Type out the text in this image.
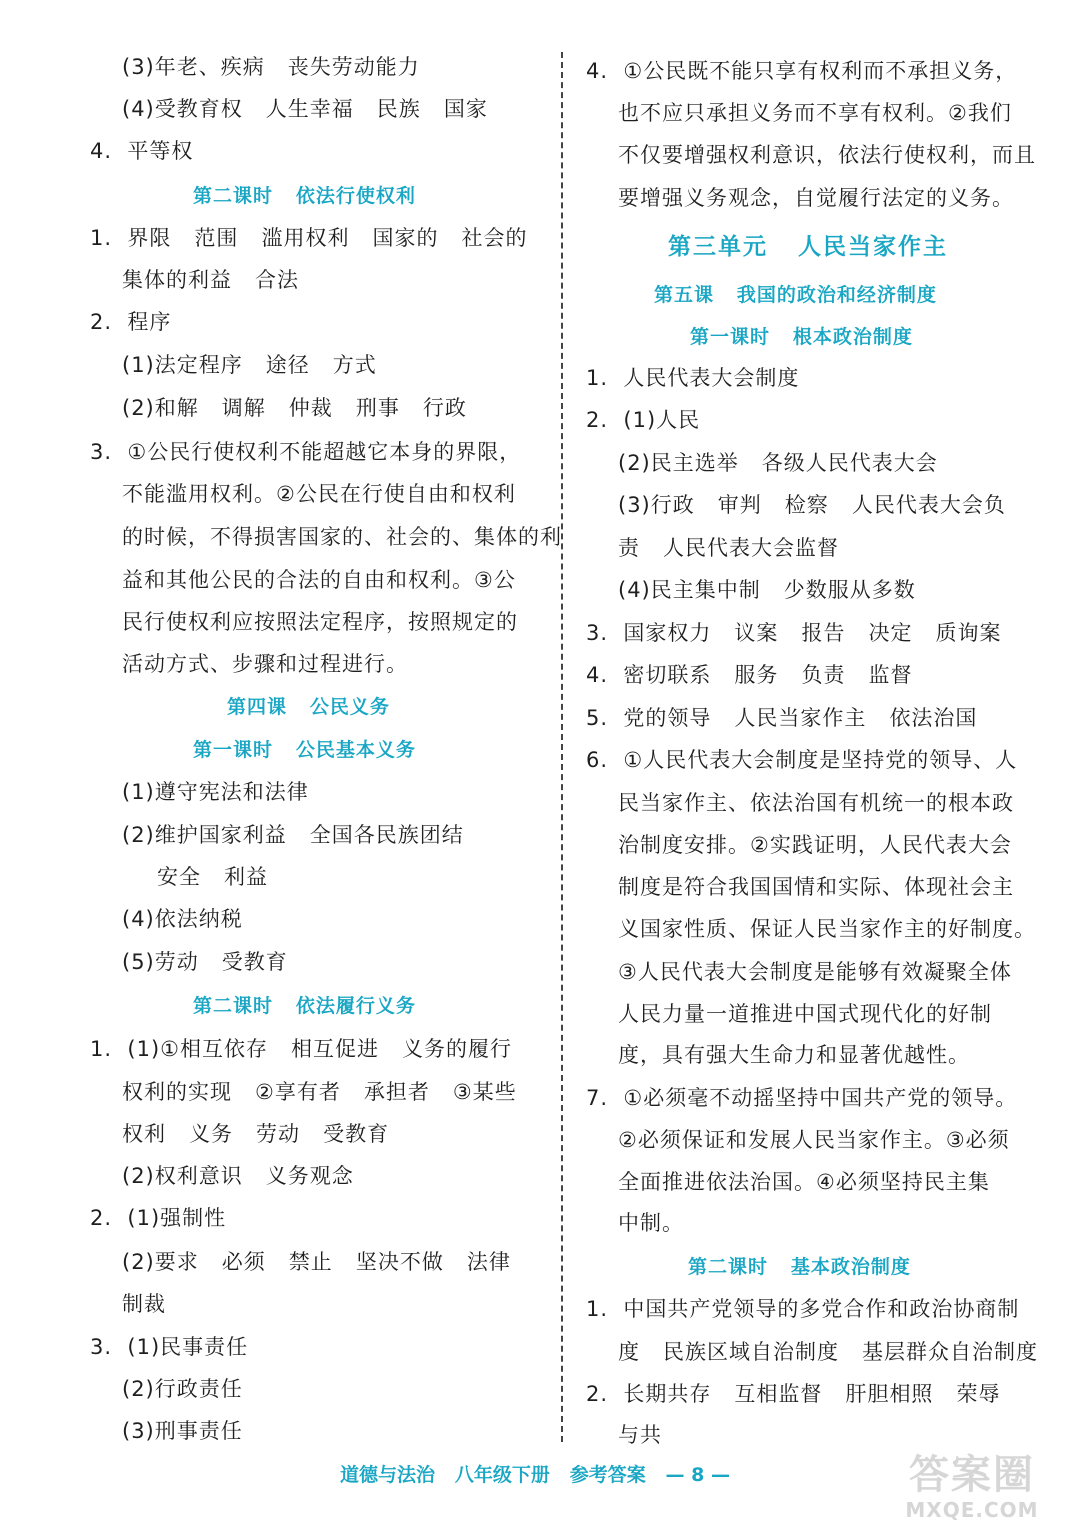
(3)年老、疾病   丧失劳动能力
(4)受教育权   人生幸福   民族   国家
4.  平等权
第二课时   依法行使权利
1.  界限   范围   滥用权利   国家的   社会的
集体的利益   合法
2.  程序
(1)法定程序   途径   方式
(2)和解   调解   仲裁   刑事   行政
3.  ①公民行使权利不能超越它本身的界限，
不能滥用权利。②公民在行使自由和权利
的时候，不得损害国家的、社会的、集体的利
益和其他公民的合法的自由和权利。③公
民行使权利应按照法定程序，按照规定的
活动方式、步骤和过程进行。
第四课   公民义务
第一课时   公民基本义务
(1)遵守宪法和法律
(2)维护国家利益   全国各民族团结
安全   利益
(4)依法纳税
(5)劳动   受教育
第二课时   依法履行义务
1.  (1)①相互依存   相互促进   义务的履行
权利的实现   ②享有者   承担者   ③某些
权利   义务   劳动   受教育
(2)权利意识   义务观念
2.  (1)强制性
(2)要求   必须   禁止   坚决不做   法律
制裁
3.  (1)民事责任
(2)行政责任
(3)刑事责任
4.  ①公民既不能只享有权利而不承担义务，
也不应只承担义务而不享有权利。②我们
不仅要增强权利意识，依法行使权利，而且
要增强义务观念，自觉履行法定的义务。
第三单元   人民当家作主
第五课   我国的政治和经济制度
第一课时   根本政治制度
1.  人民代表大会制度
2.  (1)人民
(2)民主选举   各级人民代表大会
(3)行政   审判   检察   人民代表大会负
责   人民代表大会监督
(4)民主集中制   少数服从多数
3.  国家权力   议案   报告   决定   质询案
4.  密切联系   服务   负责   监督
5.  党的领导   人民当家作主   依法治国
6.  ①人民代表大会制度是坚持党的领导、人
民当家作主、依法治国有机统一的根本政
治制度安排。②实践证明，人民代表大会
制度是符合我国国情和实际、体现社会主
义国家性质、保证人民当家作主的好制度。
③人民代表大会制度是能够有效凝聚全体
人民力量一道推进中国式现代化的好制
度，具有强大生命力和显著优越性。
7.  ①必须毫不动摇坚持中国共产党的领导。
②必须保证和发展人民当家作主。③必须
全面推进依法治国。④必须坚持民主集
中制。
第二课时   基本政治制度
1.  中国共产党领导的多党合作和政治协商制
度   民族区域自治制度   基层群众自治制度
2.  长期共存   互相监督   肝胆相照   荣辱
与共
道德与法治   八年级下册   参考答案   — 8 —	答案圈
MXQE.COM
